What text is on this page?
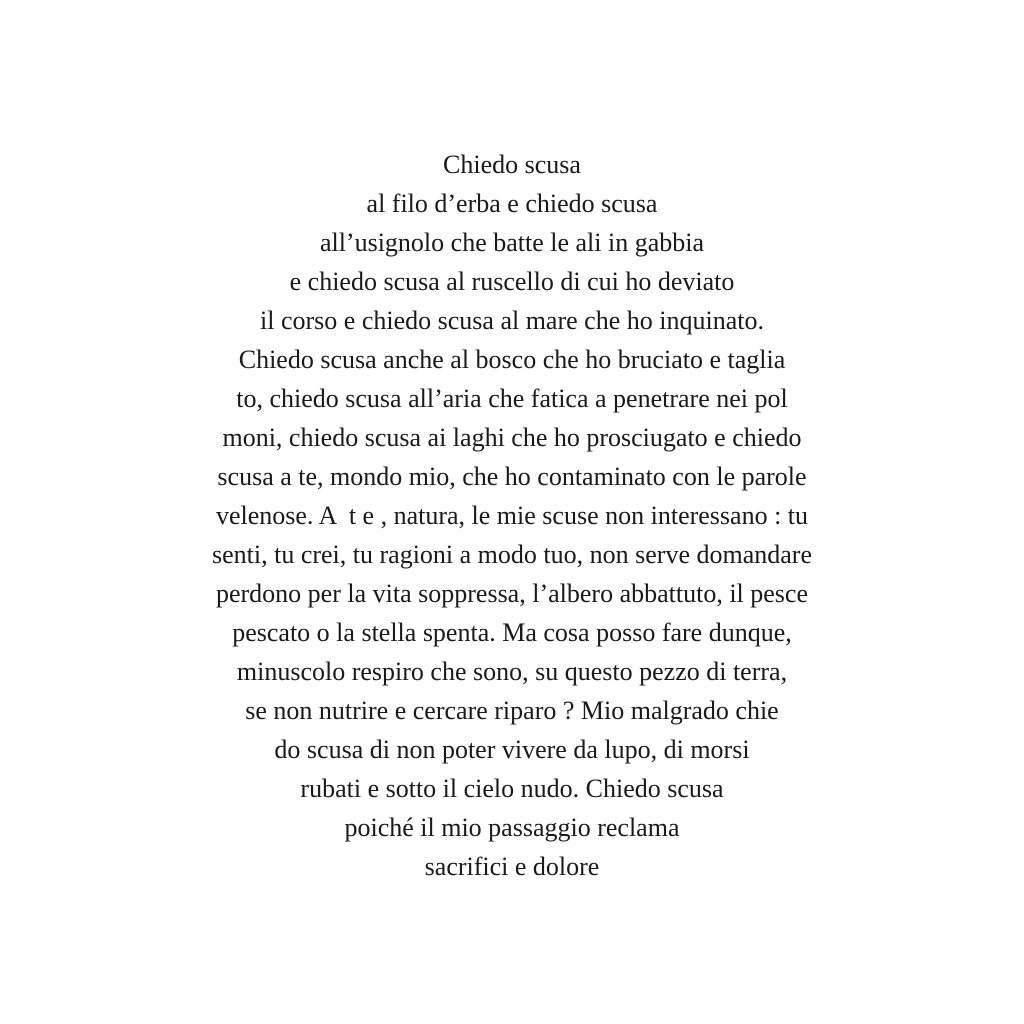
Chiedo scusa
al filo d’erba e chiedo scusa
all’usignolo che batte le ali in gabbia
e chiedo scusa al ruscello di cui ho deviato
il corso e chiedo scusa al mare che ho inquinato.
Chiedo scusa anche al bosco che ho bruciato e taglia
to, chiedo scusa all’aria che fatica a penetrare nei pol
moni, chiedo scusa ai laghi che ho prosciugato e chiedo
scusa a te, mondo mio, che ho contaminato con le parole
velenose. A  t e , natura, le mie scuse non interessano : tu
senti, tu crei, tu ragioni a modo tuo, non serve domandare
perdono per la vita soppressa, l’albero abbattuto, il pesce
pescato o la stella spenta. Ma cosa posso fare dunque,
minuscolo respiro che sono, su questo pezzo di terra,
se non nutrire e cercare riparo ? Mio malgrado chie
do scusa di non poter vivere da lupo, di morsi
rubati e sotto il cielo nudo. Chiedo scusa
poiché il mio passaggio reclama
sacrifici e dolore
